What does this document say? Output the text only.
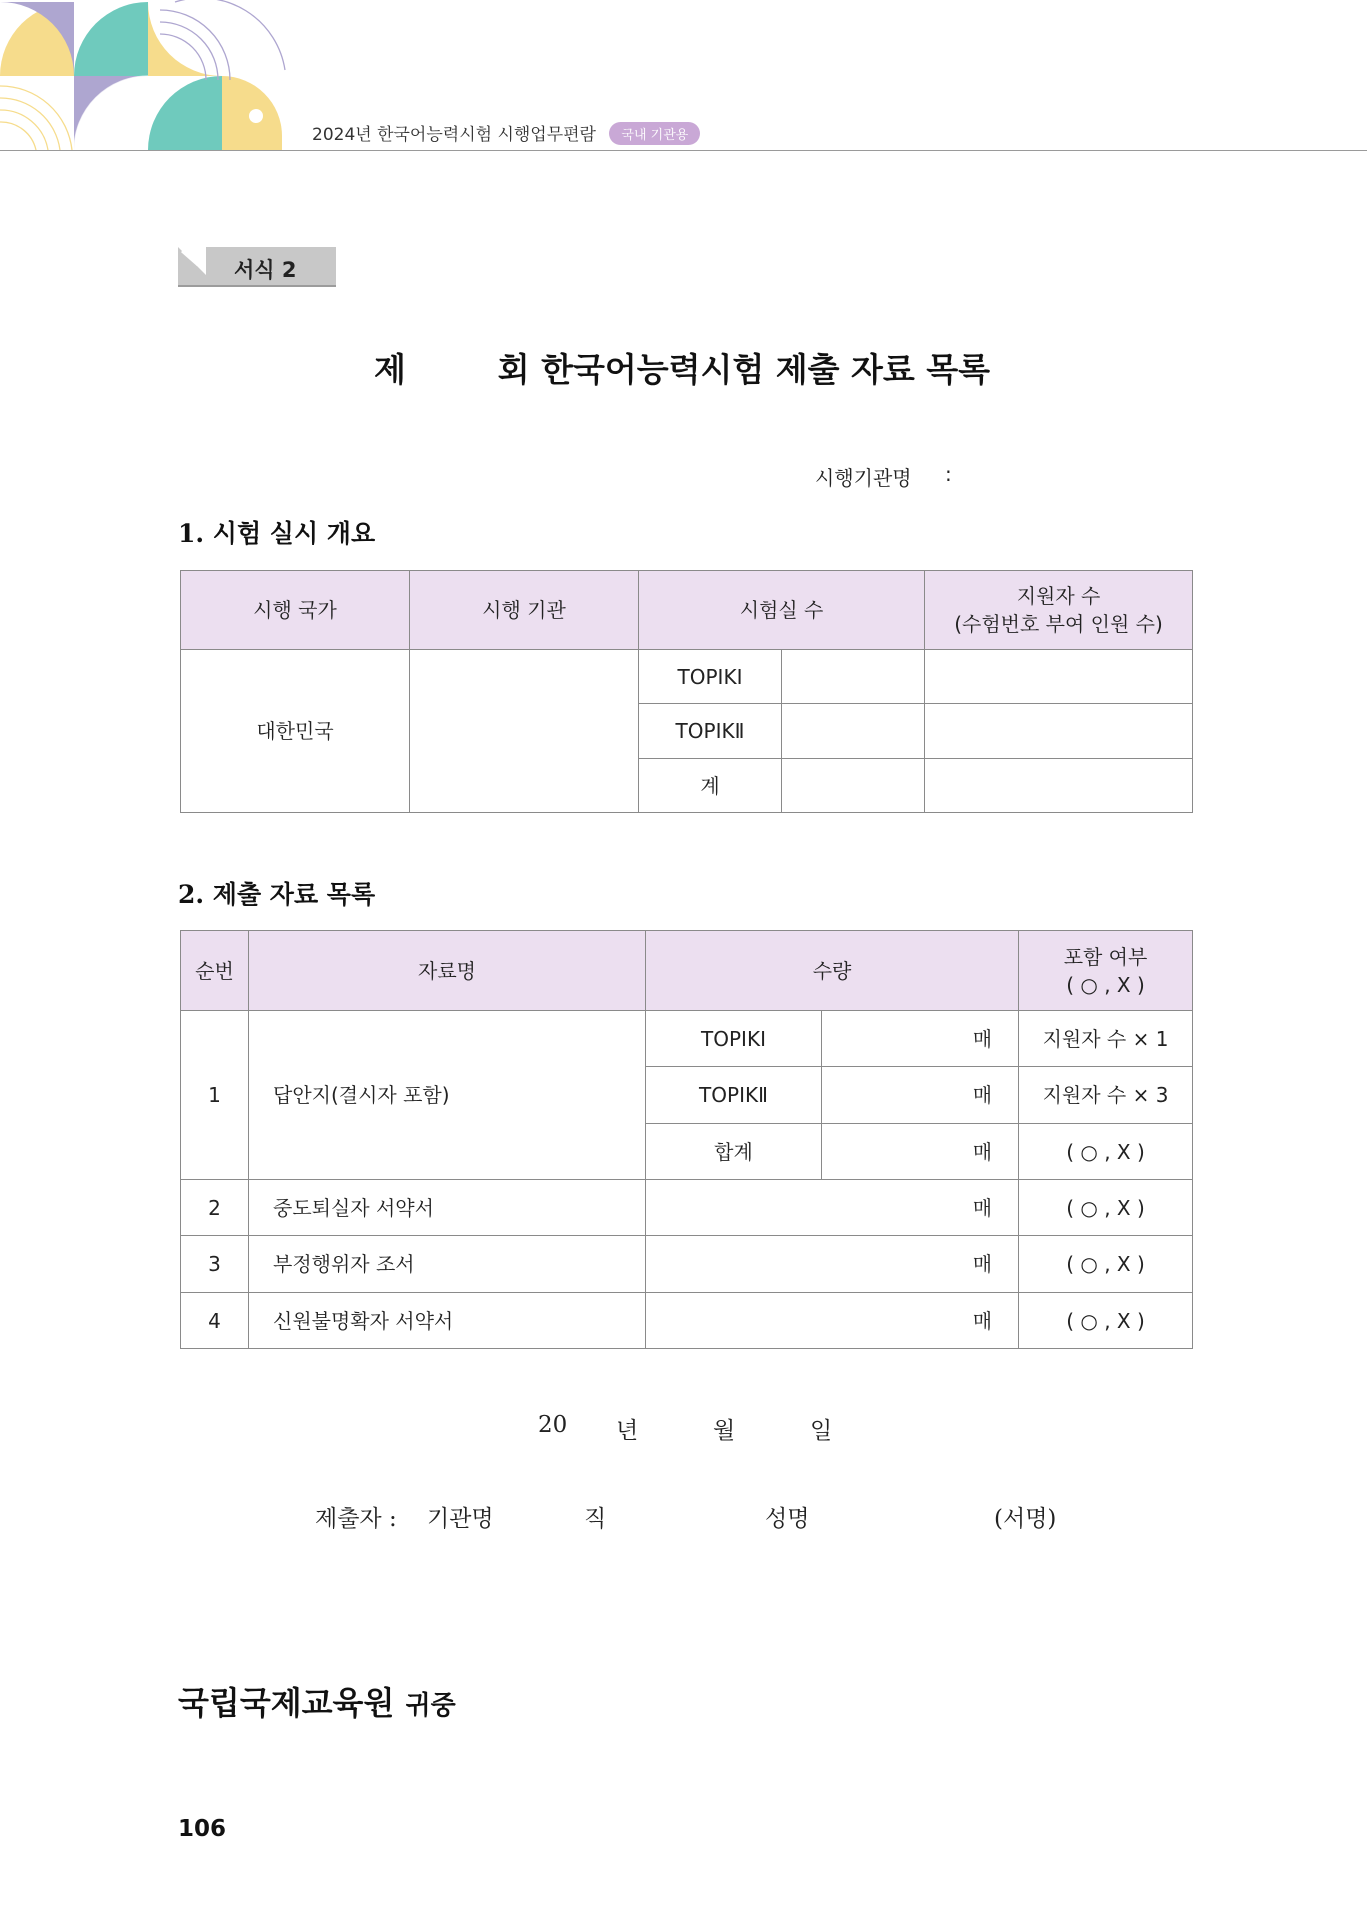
2024년 한국어능력시험 시행업무편람 국내 기관용
서식 2
제        회 한국어능력시험 제출 자료 목록
시행기관명 :
1. 시험 실시 개요
시행 국가	시행 기관	시험실 수		지원자 수
(수험번호 부여 인원 수)

대한민국		TOPIKI		
		TOPIKⅡ		
		계		
2. 제출 자료 목록
순번	자료명	수량		포함 여부
( ○ , X )

1	답안지(결시자 포함)	TOPIKI	매	지원자 수 × 1
		TOPIKⅡ	매	지원자 수 × 3
		합계	매	( ○ , X )
2	중도퇴실자 서약서	매		( ○ , X )
3	부정행위자 조서	매		( ○ , X )
4	신원불명확자 서약서	매		( ○ , X )
20 년	월	일
제출자 : 기관명	직	성명	(서명)
국립국제교육원 귀중
106
